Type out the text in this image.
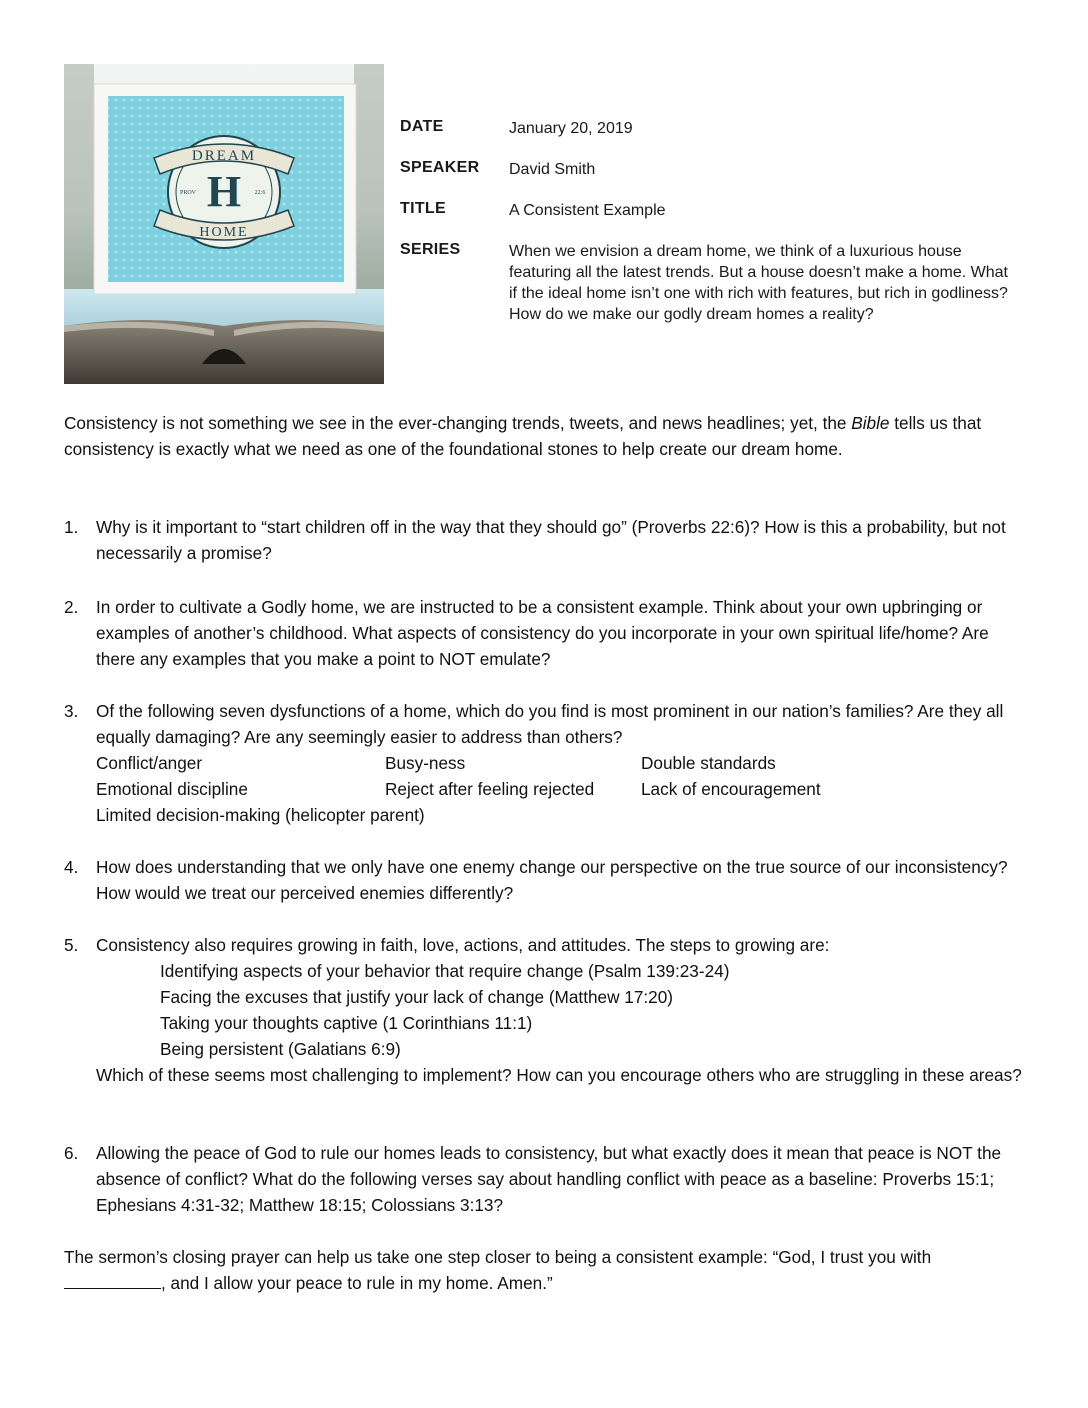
DREAM
H
HOME
PROV	22:6
DATE	January 20, 2019
SPEAKER	David Smith
TITLE	A Consistent Example
SERIES	When we envision a dream home, we think of a luxurious house featuring all the latest trends. But a house doesn’t make a home. What if the ideal home isn’t one with rich with features, but rich in godliness? How do we make our godly dream homes a reality?
Consistency is not something we see in the ever-changing trends, tweets, and news headlines; yet, the Bible tells us that consistency is exactly what we need as one of the foundational stones to help create our dream home.
1. Why is it important to “start children off in the way that they should go” (Proverbs 22:6)? How is this a probability, but not necessarily a promise?
2. In order to cultivate a Godly home, we are instructed to be a consistent example. Think about your own upbringing or examples of another’s childhood. What aspects of consistency do you incorporate in your own spiritual life/home? Are there any examples that you make a point to NOT emulate?
3. Of the following seven dysfunctions of a home, which do you find is most prominent in our nation’s families? Are they all equally damaging? Are any seemingly easier to address than others?
Conflict/anger	Busy-ness	Double standards
Emotional discipline	Reject after feeling rejected	Lack of encouragement
Limited decision-making (helicopter parent)
4. How does understanding that we only have one enemy change our perspective on the true source of our inconsistency? How would we treat our perceived enemies differently?
5. Consistency also requires growing in faith, love, actions, and attitudes. The steps to growing are:
Identifying aspects of your behavior that require change (Psalm 139:23-24)
Facing the excuses that justify your lack of change (Matthew 17:20)
Taking your thoughts captive (1 Corinthians 11:1)
Being persistent (Galatians 6:9)
Which of these seems most challenging to implement? How can you encourage others who are struggling in these areas?
6. Allowing the peace of God to rule our homes leads to consistency, but what exactly does it mean that peace is NOT the absence of conflict? What do the following verses say about handling conflict with peace as a baseline: Proverbs 15:1; Ephesians 4:31-32; Matthew 18:15; Colossians 3:13?
The sermon’s closing prayer can help us take one step closer to being a consistent example: “God, I trust you with , and I allow your peace to rule in my home. Amen.”
